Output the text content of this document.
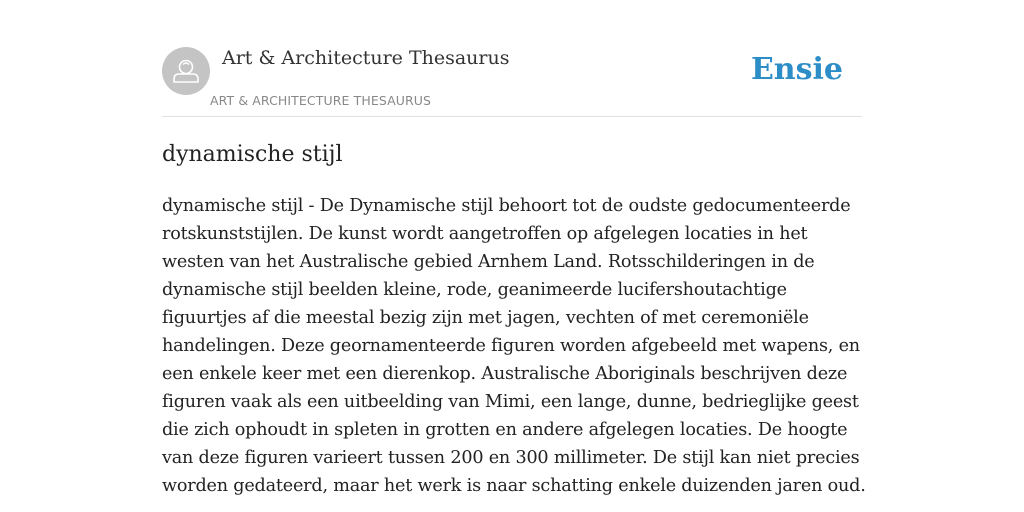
Art & Architecture Thesaurus
ART & ARCHITECTURE THESAURUS
Ensie
dynamische stijl

dynamische stijl - De Dynamische stijl behoort tot de oudste gedocumenteerde rotskunststijlen. De kunst wordt aangetroffen op afgelegen locaties in het westen van het Australische gebied Arnhem Land. Rotsschilderingen in de dynamische stijl beelden kleine, rode, geanimeerde lucifershoutachtige figuurtjes af die meestal bezig zijn met jagen, vechten of met ceremoniële handelingen. Deze geornamenteerde figuren worden afgebeeld met wapens, en een enkele keer met een dierenkop. Australische Aboriginals beschrijven deze figuren vaak als een uitbeelding van Mimi, een lange, dunne, bedrieglijke geest die zich ophoudt in spleten in grotten en andere afgelegen locaties. De hoogte van deze figuren varieert tussen 200 en 300 millimeter. De stijl kan niet precies worden gedateerd, maar het werk is naar schatting enkele duizenden jaren oud.
